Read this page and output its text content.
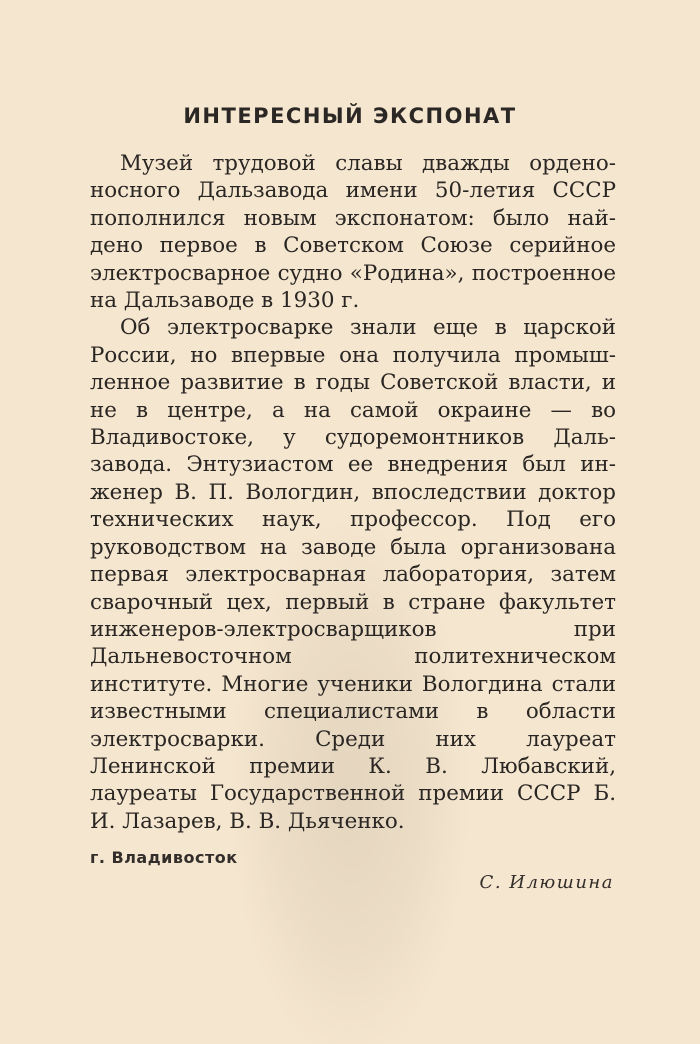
ИНТЕРЕСНЫЙ ЭКСПОНАТ

Музей трудовой славы дважды орденоносного Дальзавода имени 50-летия СССР пополнился новым экспонатом: было найдено первое в Советском Союзе серийное электросварное судно «Родина», построенное на Дальзаводе в 1930 г.

Об электросварке знали еще в царской России, но впервые она получила промышленное развитие в годы Советской власти, и не в центре, а на самой окраине — во Владивостоке, у судоремонтников Дальзавода. Энтузиастом ее внедрения был инженер В. П. Вологдин, впоследствии доктор технических наук, профессор. Под его руководством на заводе была организована первая электросварная лаборатория, затем сварочный цех, первый в стране факультет инженеров-электросварщиков при Дальневосточном политехническом институте. Многие ученики Вологдина стали известными специалистами в области электросварки. Среди них лауреат Ленинской премии К. В. Любавский, лауреаты Государственной премии СССР Б. И. Лазарев, В. В. Дьяченко.

г. Владивосток
С. Илюшина
